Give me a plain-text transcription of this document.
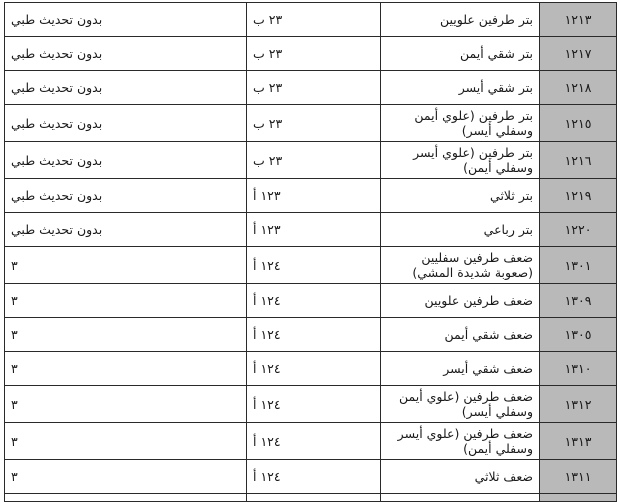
١٢١٣	بتر طرفين علويين	٢٣ ب	بدون تحديث طبي
١٢١٧	بتر شقي أيمن	٢٣ ب	بدون تحديث طبي
١٢١٨	بتر شقي أيسر	٢٣ ب	بدون تحديث طبي
١٢١٥	بتر طرفين (علوي أيمن وسفلي أيسر)	٢٣ ب	بدون تحديث طبي
١٢١٦	بتر طرفين (علوي أيسر وسفلي أيمن)	٢٣ ب	بدون تحديث طبي
١٢١٩	بتر ثلاثي	١٢٣ أ	بدون تحديث طبي
١٢٢٠	بتر رباعي	١٢٣ أ	بدون تحديث طبي
١٣٠١	ضعف طرفين سفليين (صعوبة شديدة المشي)	١٢٤ أ	٣
١٣٠٩	ضعف طرفين علويين	١٢٤ أ	٣
١٣٠٥	ضعف شقي أيمن	١٢٤ أ	٣
١٣١٠	ضعف شقي أيسر	١٢٤ أ	٣
١٣١٢	ضعف طرفين (علوي أيمن وسفلي أيسر)	١٢٤ أ	٣
١٣١٣	ضعف طرفين (علوي أيسر وسفلي أيمن)	١٢٤ أ	٣
١٣١١	ضعف ثلاثي	١٢٤ أ	٣
